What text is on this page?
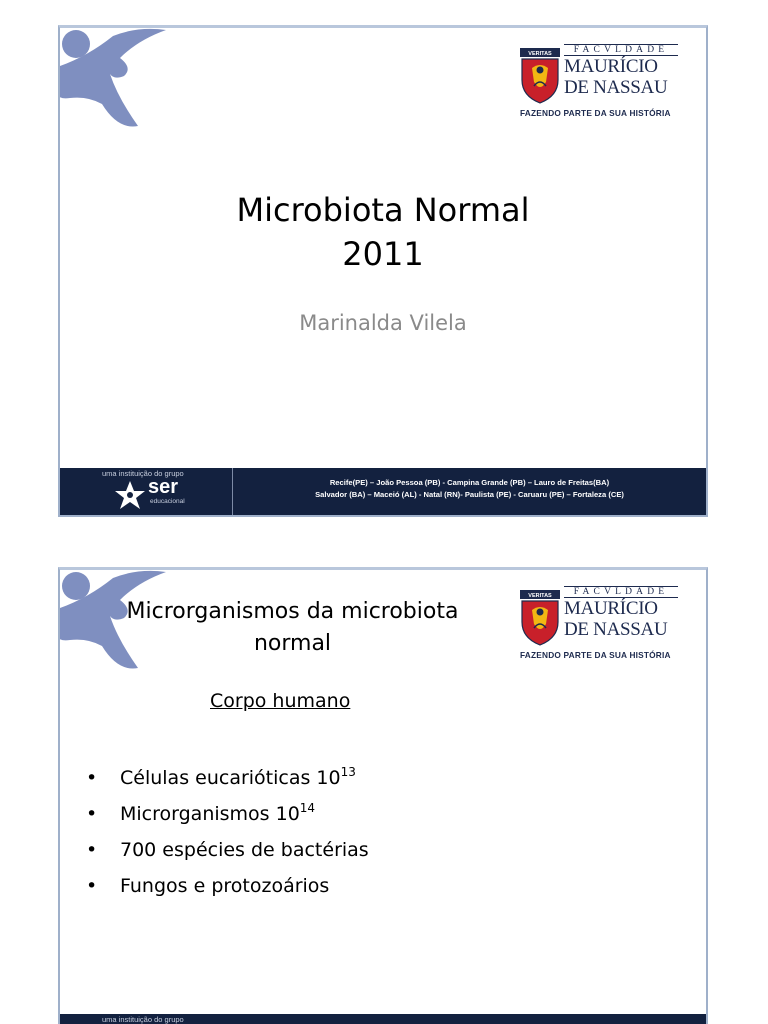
VERITAS	FACVLDADE
MAURÍCIO
DE NASSAU
FAZENDO PARTE DA SUA HISTÓRIA
Microbiota Normal
2011
Marinalda Vilela
uma instituição do grupo
ser
educacional
Recife(PE) – João Pessoa (PB) - Campina Grande (PB) – Lauro de Freitas(BA)
Salvador (BA) – Maceió (AL) - Natal (RN)- Paulista (PE) - Caruaru (PE) – Fortaleza (CE)
VERITAS	FACVLDADE
MAURÍCIO
DE NASSAU
FAZENDO PARTE DA SUA HISTÓRIA
Microrganismos da microbiota
normal
Corpo humano
• Células eucarióticas $10^{13}$
• Microrganismos $10^{14}$
• 700 espécies de bactérias
• Fungos e protozoários
uma instituição do grupo
